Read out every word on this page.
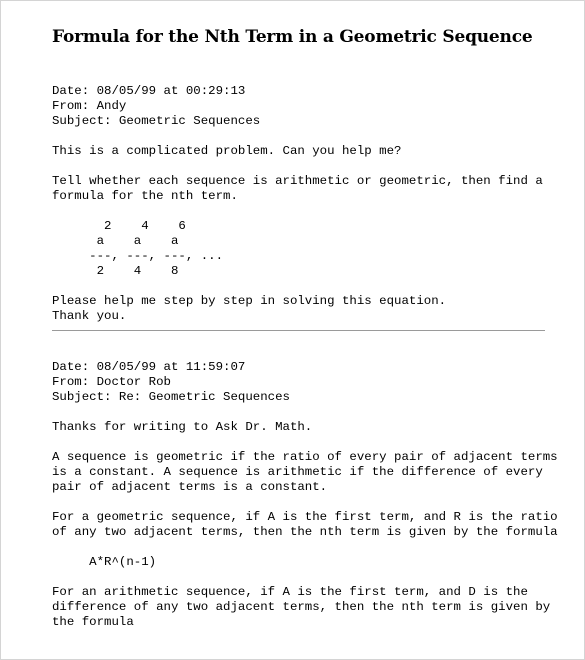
Formula for the Nth Term in a Geometric Sequence
Date: 08/05/99 at 00:29:13
From: Andy
Subject: Geometric Sequences
This is a complicated problem. Can you help me?
Tell whether each sequence is arithmetic or geometric, then find a
formula for the nth term.
2    4    6
a    a    a
---, ---, ---, ...
2    4    8
Please help me step by step in solving this equation.
Thank you.
Date: 08/05/99 at 11:59:07
From: Doctor Rob
Subject: Re: Geometric Sequences
Thanks for writing to Ask Dr. Math.
A sequence is geometric if the ratio of every pair of adjacent terms
is a constant. A sequence is arithmetic if the difference of every
pair of adjacent terms is a constant.
For a geometric sequence, if A is the first term, and R is the ratio
of any two adjacent terms, then the nth term is given by the formula
A*R^(n-1)
For an arithmetic sequence, if A is the first term, and D is the
difference of any two adjacent terms, then the nth term is given by
the formula
